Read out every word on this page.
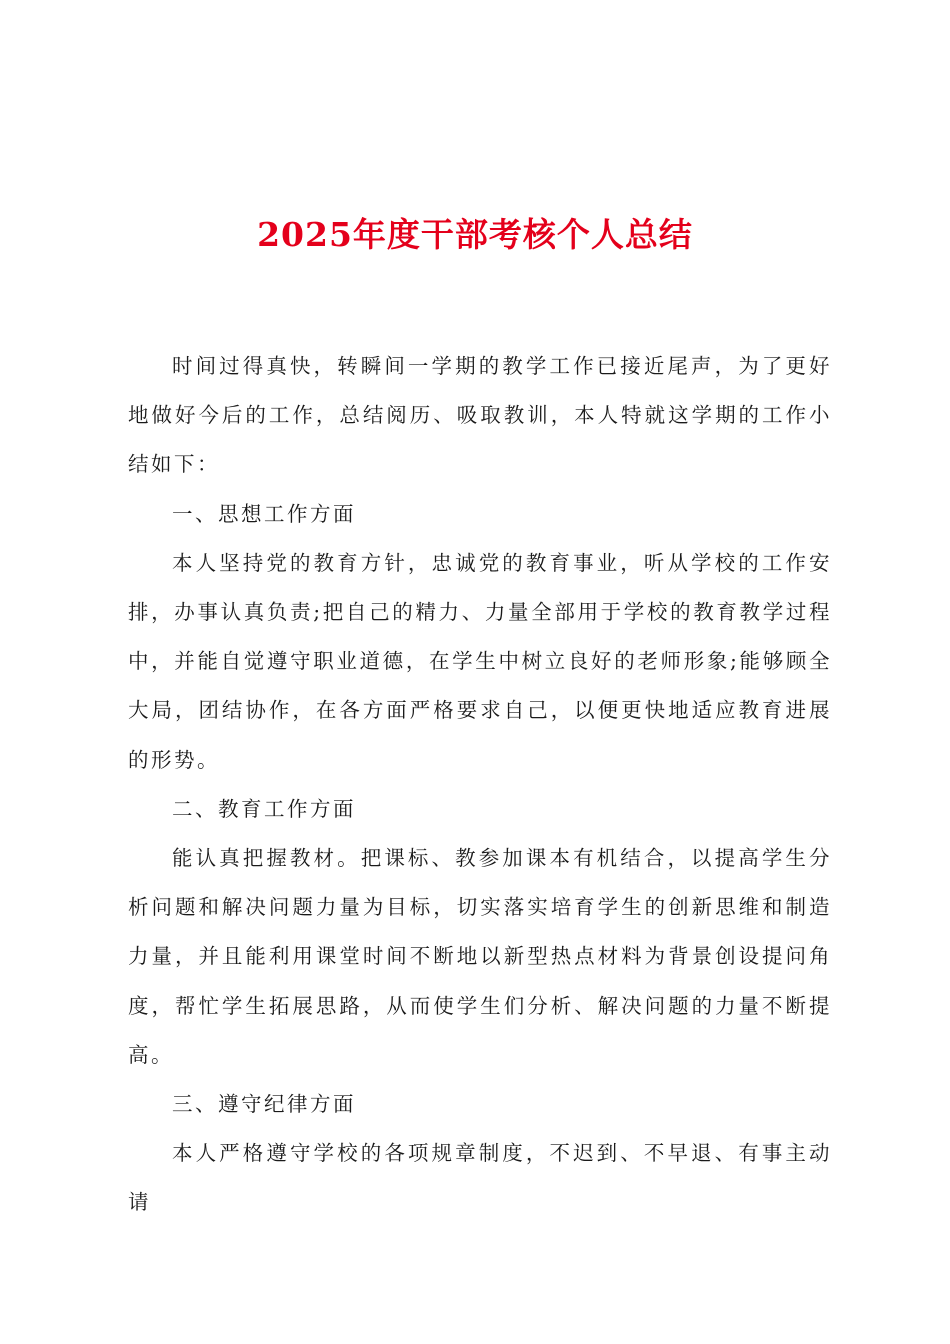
2025年度干部考核个人总结

时间过得真快，转瞬间一学期的教学工作已接近尾声，为了更好地做好今后的工作，总结阅历、吸取教训，本人特就这学期的工作小结如下：

一、思想工作方面

本人坚持党的教育方针，忠诚党的教育事业，听从学校的工作安排，办事认真负责;把自己的精力、力量全部用于学校的教育教学过程中，并能自觉遵守职业道德，在学生中树立良好的老师形象;能够顾全大局，团结协作，在各方面严格要求自己，以便更快地适应教育进展的形势。

二、教育工作方面

能认真把握教材。把课标、教参加课本有机结合，以提高学生分析问题和解决问题力量为目标，切实落实培育学生的创新思维和制造力量，并且能利用课堂时间不断地以新型热点材料为背景创设提问角度，帮忙学生拓展思路，从而使学生们分析、解决问题的力量不断提高。

三、遵守纪律方面

本人严格遵守学校的各项规章制度，不迟到、不早退、有事主动请
